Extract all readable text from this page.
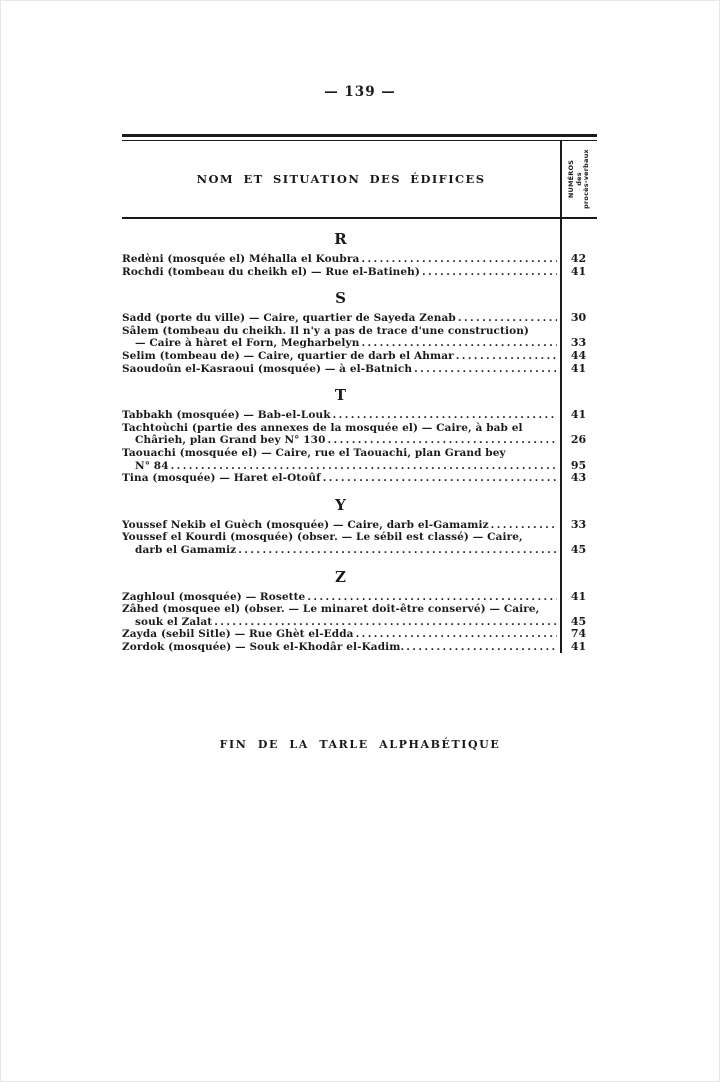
— 139 —
NOM ET SITUATION DES ÉDIFICES	NUMÉROS des procès-verbaux
R
Redèni (mosquée el) Méhalla el Koubra .....	42
Rochdi (tombeau du cheikh el) — Rue el-Batineh) .....	41
S
Sadd (porte du ville) — Caire, quartier de Sayeda Zenab .....	30
Sâlem (tombeau du cheikh. Il n'y a pas de trace d'une construction)
— Caire à hàret el Forn, Megharbelyn .....	33
Selim (tombeau de) — Caire, quartier de darb el Ahmar .....	44
Saoudoûn el-Kasraoui (mosquée) — à el-Batnich .....	41
T
Tabbakh (mosquée) — Bab-el-Louk .....	41
Tachtoùchi (partie des annexes de la mosquée el) — Caire, à bab el
Chârieh, plan Grand bey N° 130 .....	26
Taouachi (mosquée el) — Caire, rue el Taouachi, plan Grand bey
N° 84 .....	95
Tina (mosquée) — Haret el-Otoûf .....	43
Y
Youssef Nekib el Guèch (mosquée) — Caire, darb el-Gamamiz .....	33
Youssef el Kourdi (mosquée) (obser. — Le sébil est classé) — Caire,
darb el Gamamiz .....	45
Z
Zaghloul (mosquée) — Rosette .....	41
Zâhed (mosquee el) (obser. — Le minaret doit-être conservé) — Caire,
souk el Zalat .....	45
Zayda (sebil Sitle) — Rue Ghèt el-Edda .....	74
Zordok (mosquée) — Souk el-Khodâr el-Kadim. .....	41
FIN DE LA TARLE ALPHABÉTIQUE
